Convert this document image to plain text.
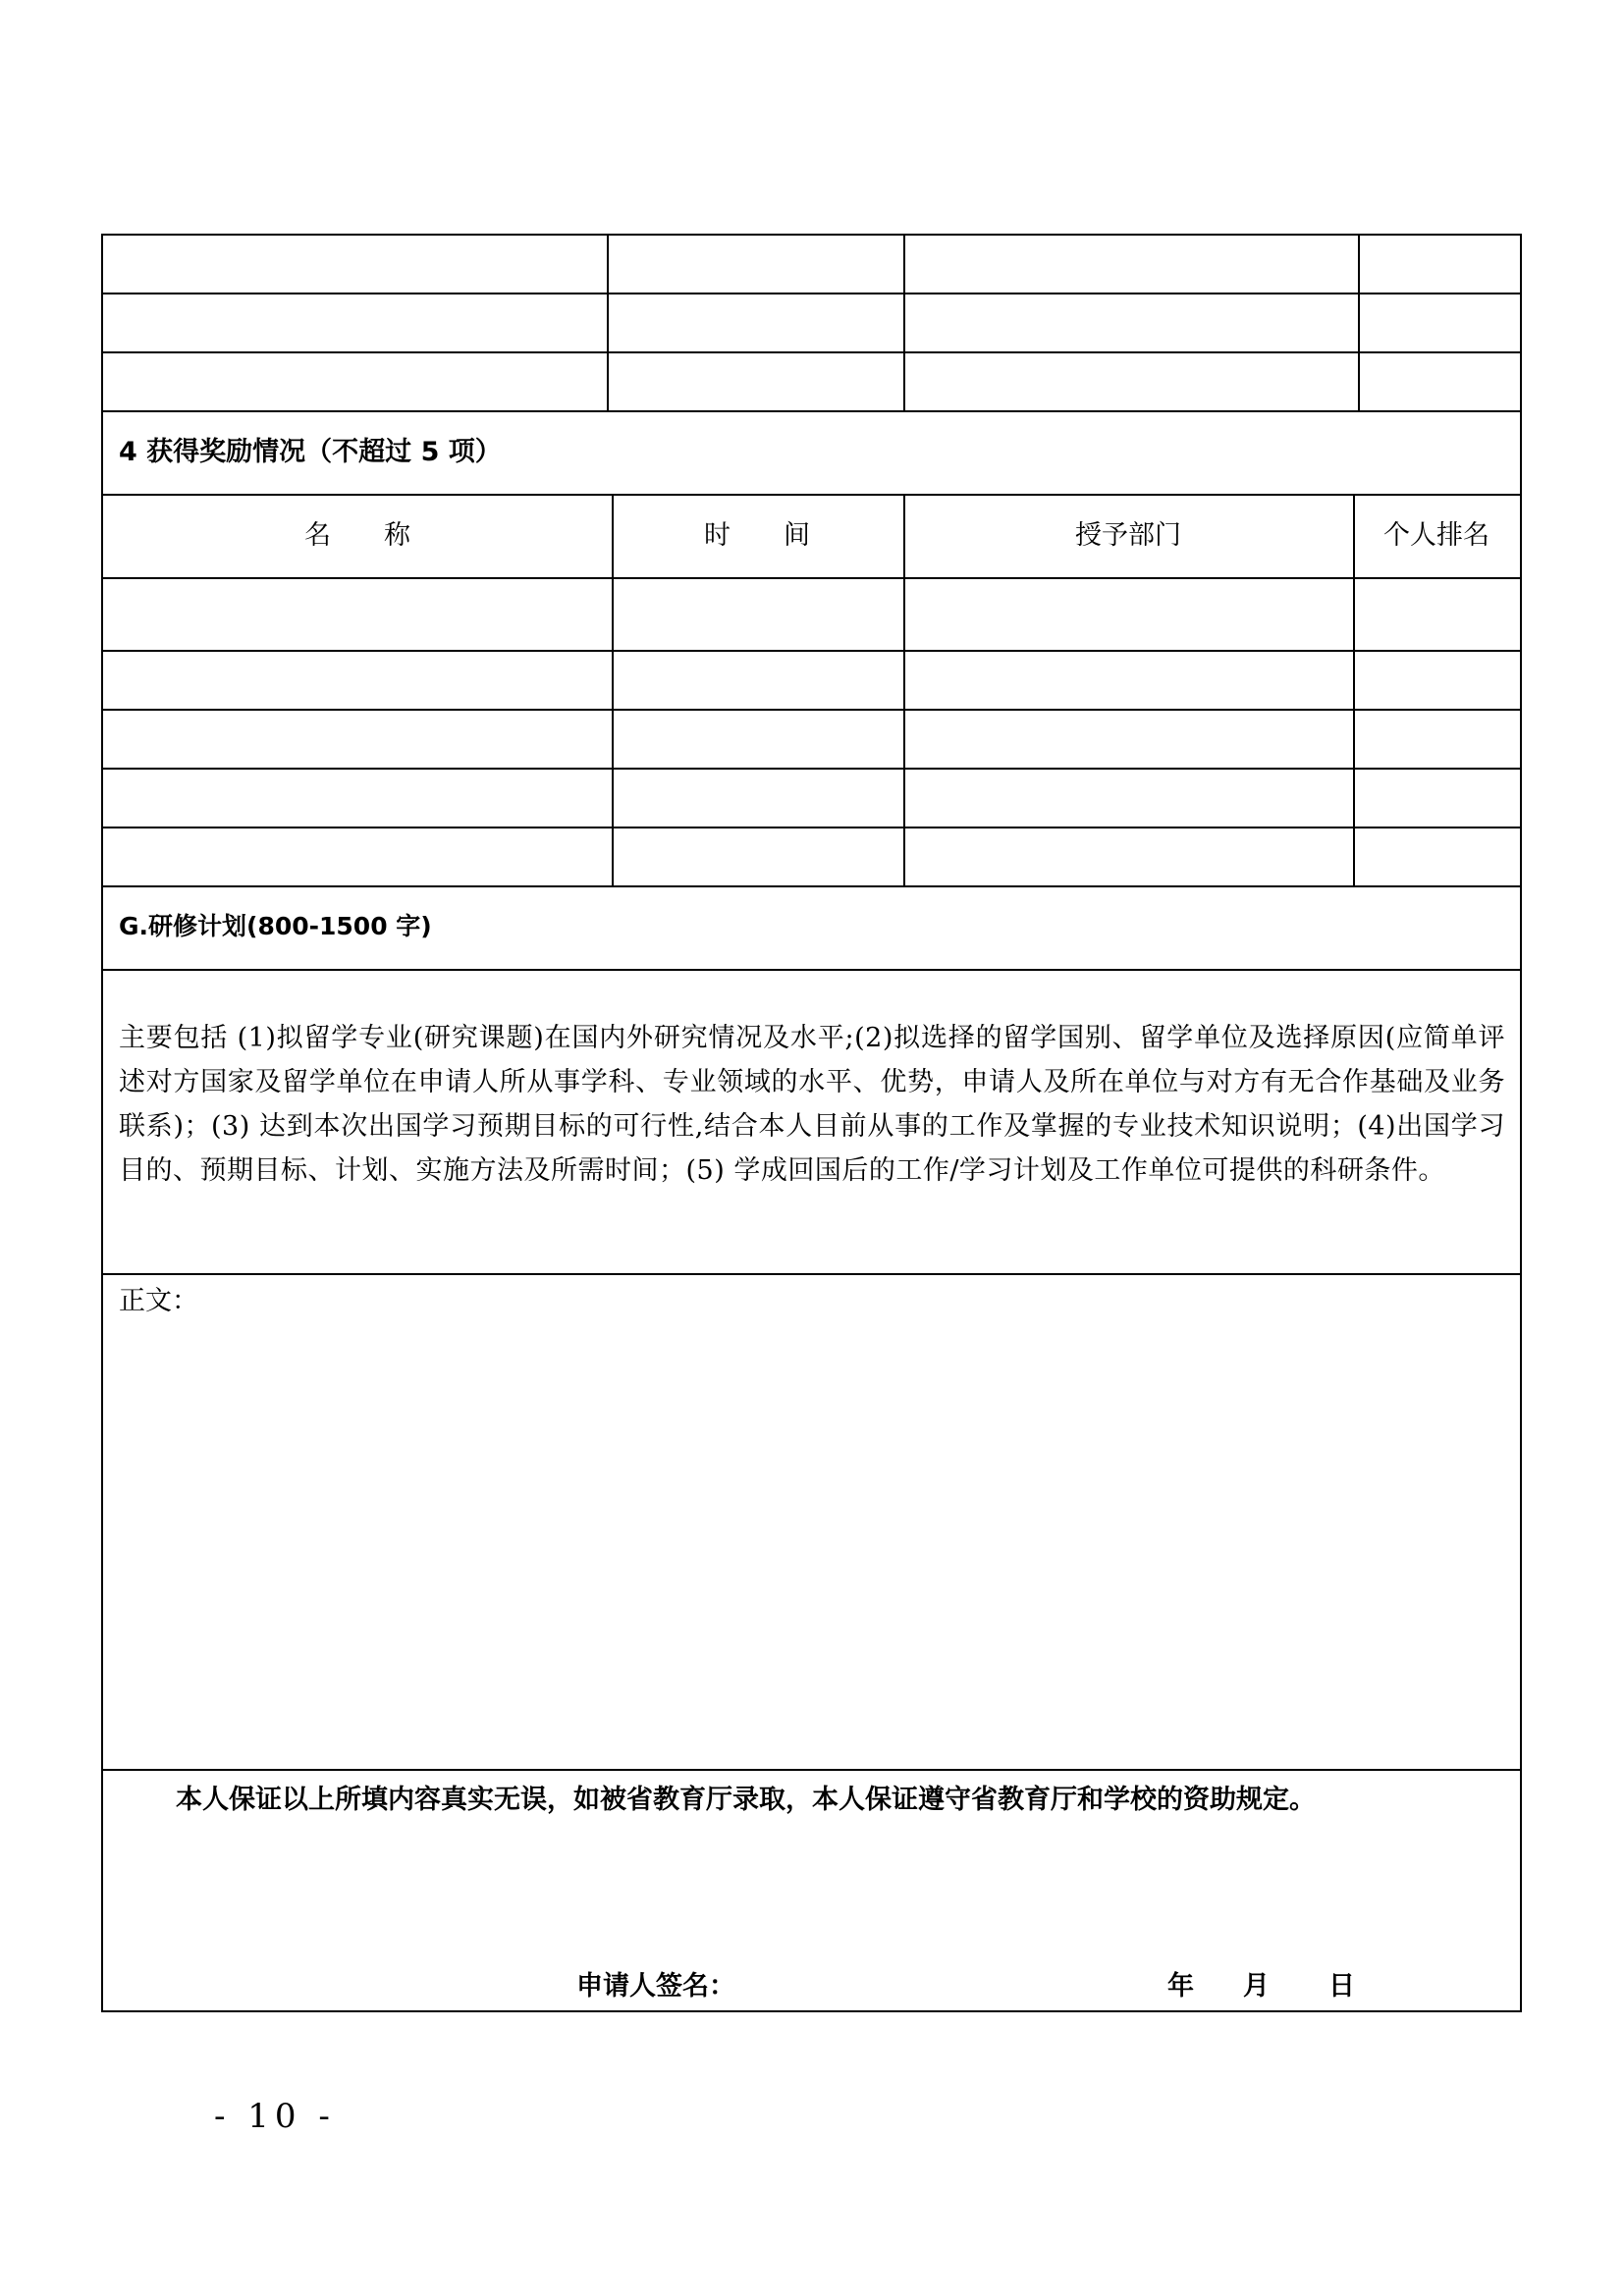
4 获得奖励情况（不超过 5 项）
名　　称	时　　间	授予部门	个人排名
G.研修计划(800-1500 字)
主要包括 (1)拟留学专业(研究课题)在国内外研究情况及水平;(2)拟选择的留学国别、留学单位及选择原因(应简单评述对方国家及留学单位在申请人所从事学科、专业领域的水平、优势，申请人及所在单位与对方有无合作基础及业务联系)；(3) 达到本次出国学习预期目标的可行性,结合本人目前从事的工作及掌握的专业技术知识说明；(4)出国学习目的、预期目标、计划、实施方法及所需时间；(5) 学成回国后的工作/学习计划及工作单位可提供的科研条件。
正文：
本人保证以上所填内容真实无误，如被省教育厅录取，本人保证遵守省教育厅和学校的资助规定。
申请人签名：	年 月 日
- 10 -
